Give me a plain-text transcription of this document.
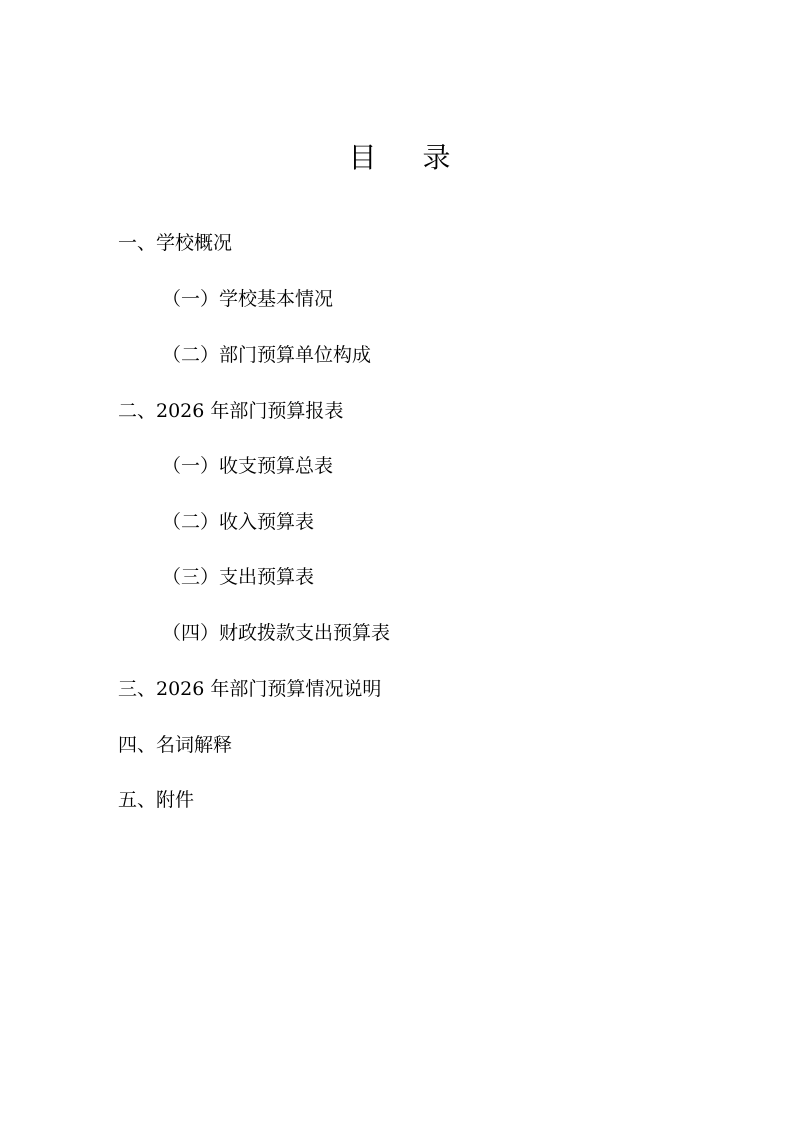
目 录
一、学校概况
（一）学校基本情况
（二）部门预算单位构成
二、2026 年部门预算报表
（一）收支预算总表
（二）收入预算表
（三）支出预算表
（四）财政拨款支出预算表
三、2026 年部门预算情况说明
四、名词解释
五、附件
